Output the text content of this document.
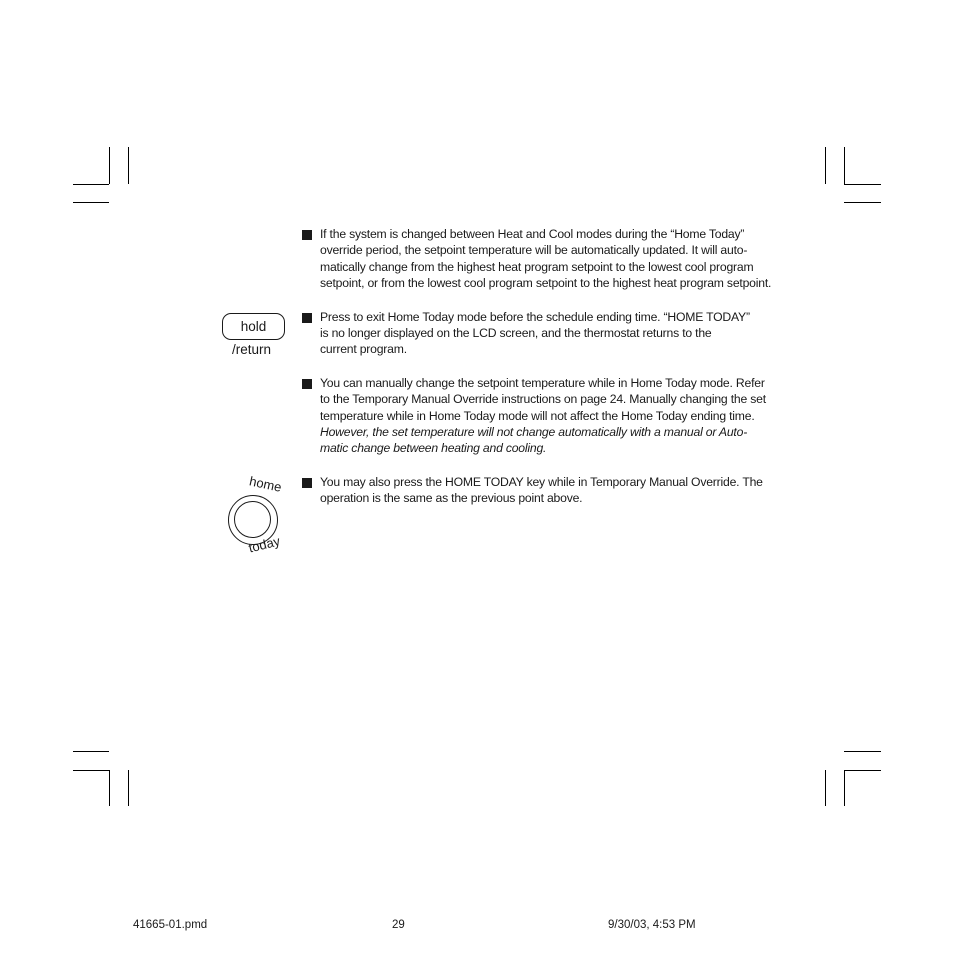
hold
/return
home
today
If the system is changed between Heat and Cool modes during the “Home Today”
override period, the setpoint temperature will be automatically updated. It will auto-
matically change from the highest heat program setpoint to the lowest cool program
setpoint, or from the lowest cool program setpoint to the highest heat program setpoint.
Press to exit Home Today mode before the schedule ending time. “HOME TODAY”
is no longer displayed on the LCD screen, and the thermostat returns to the
current program.
You can manually change the setpoint temperature while in Home Today mode. Refer
to the Temporary Manual Override instructions on page 24. Manually changing the set
temperature while in Home Today mode will not affect the Home Today ending time.
However, the set temperature will not change automatically with a manual or Auto-
matic change between heating and cooling.
You may also press the HOME TODAY key while in Temporary Manual Override. The
operation is the same as the previous point above.
41665-01.pmd	29	9/30/03, 4:53 PM
